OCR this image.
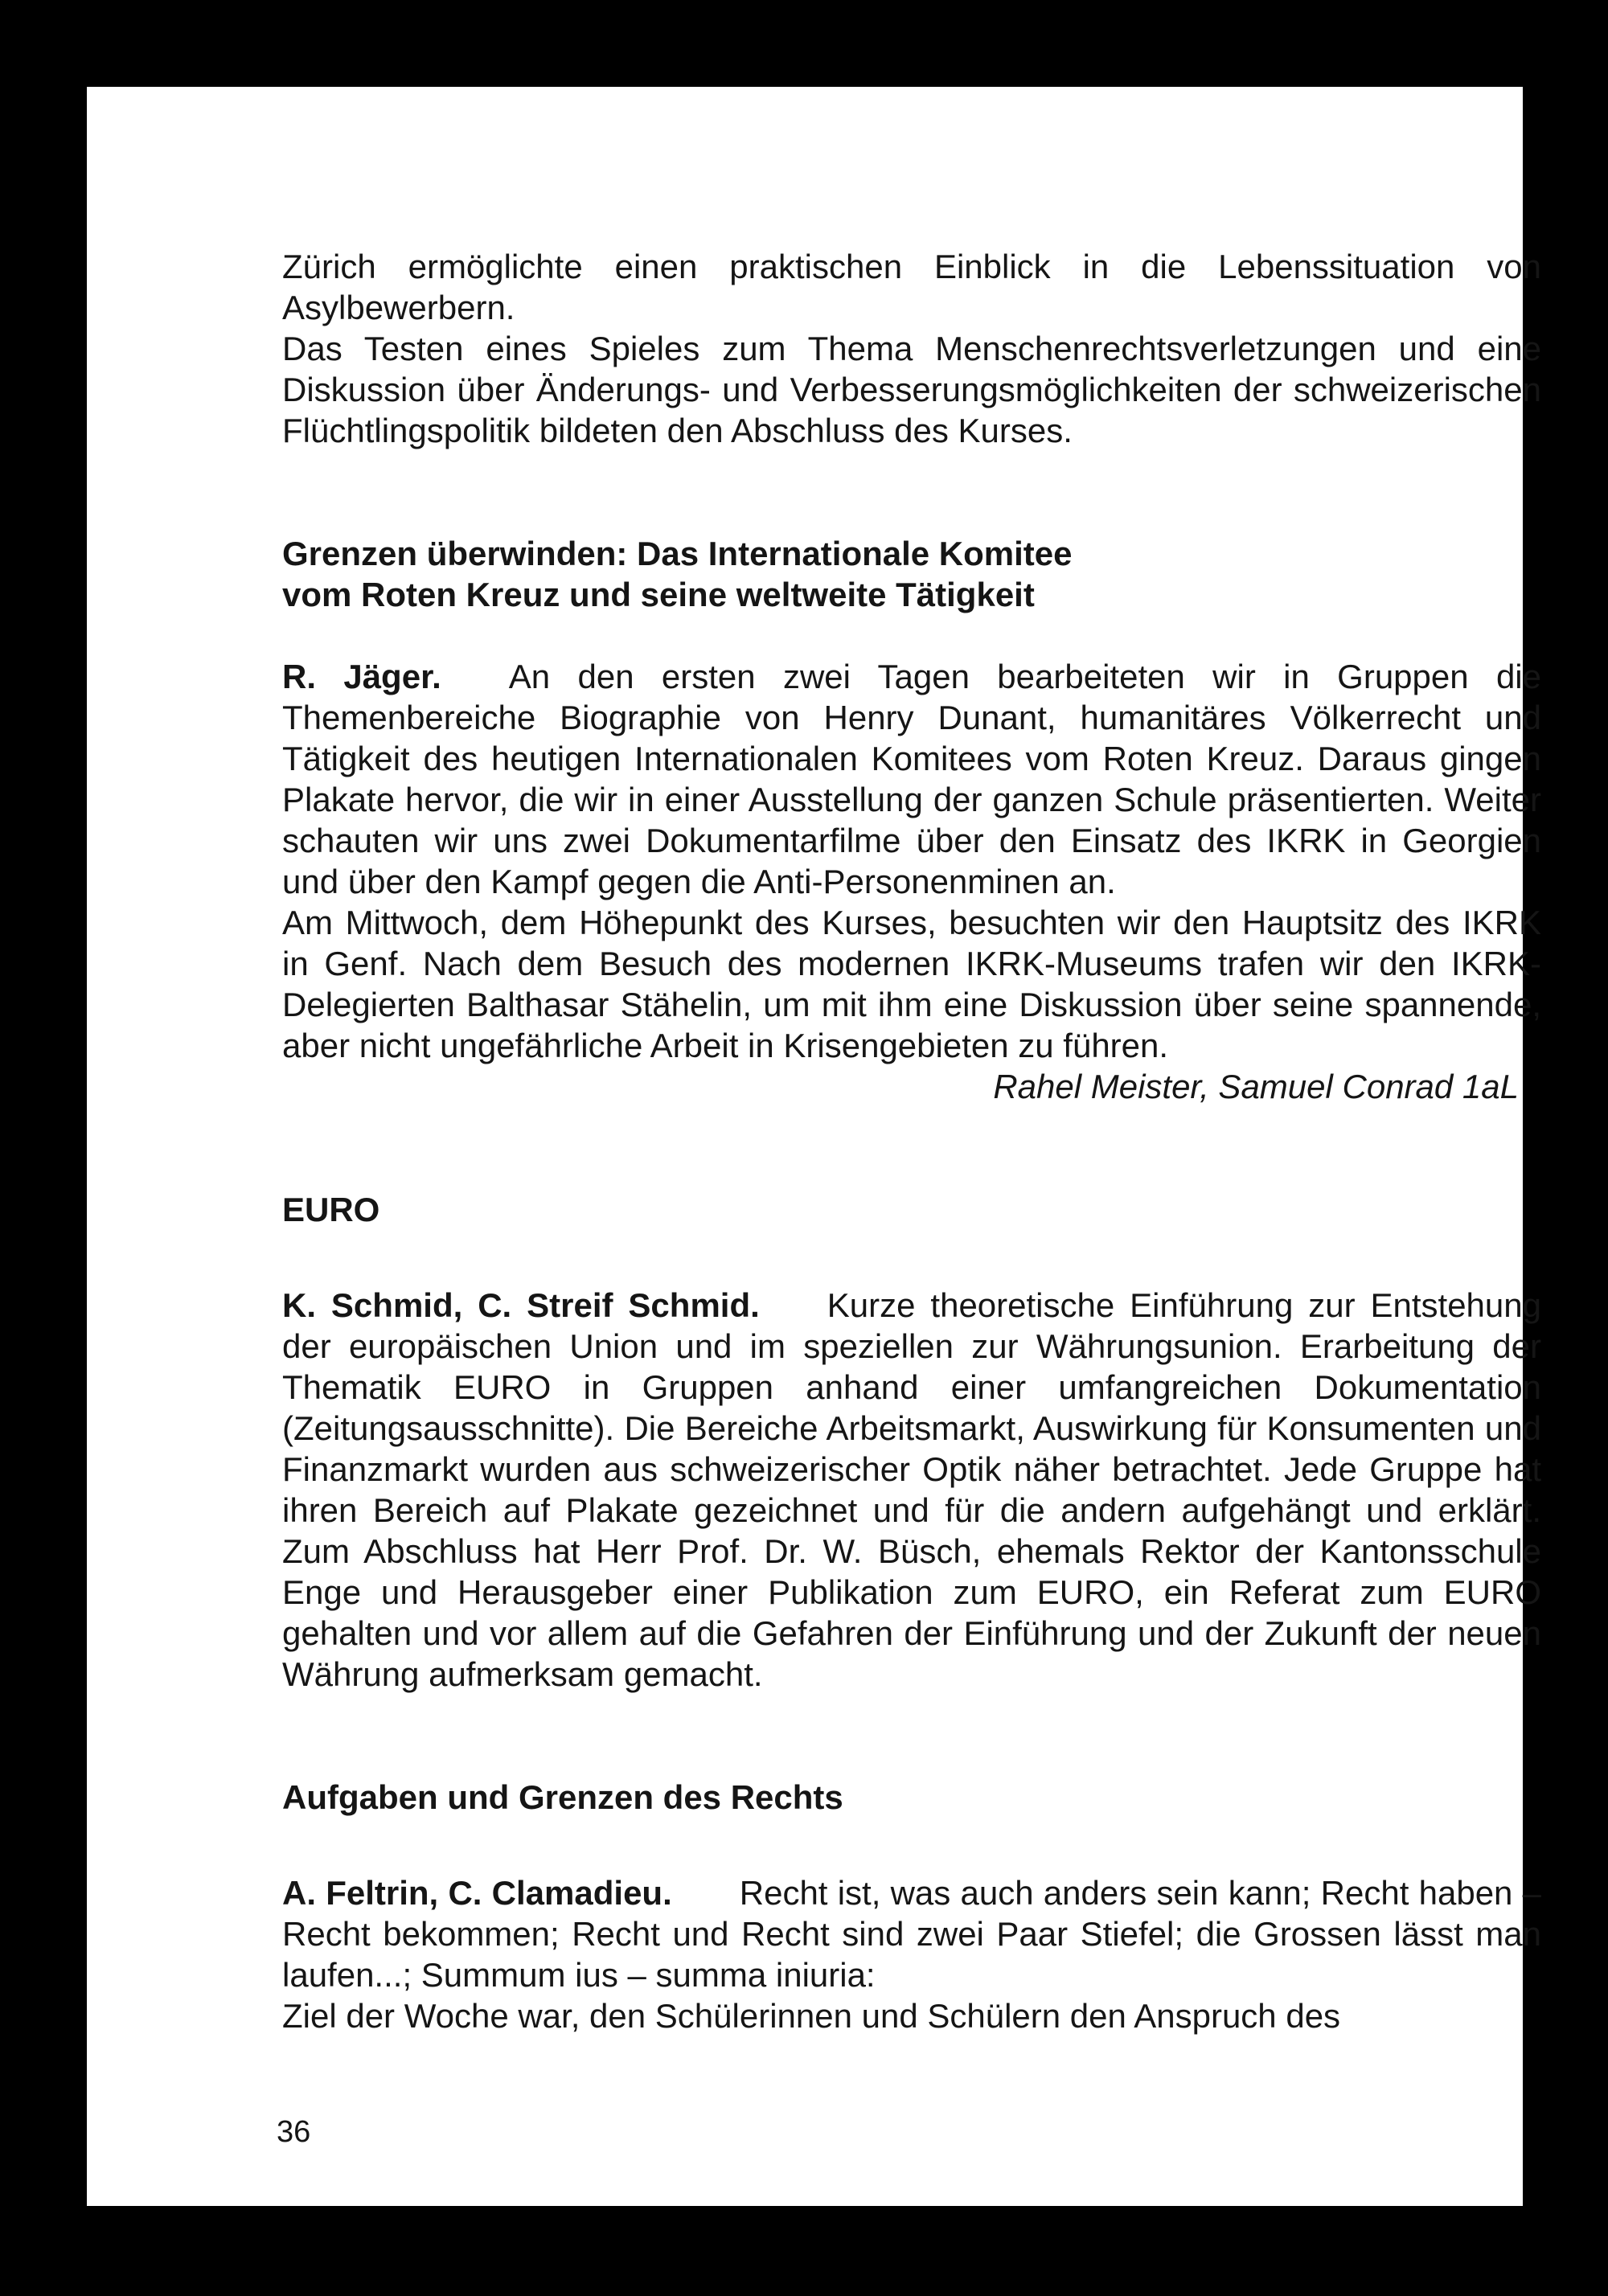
Zürich ermöglichte einen praktischen Einblick in die Lebenssituation von Asylbewerbern.

Das Testen eines Spieles zum Thema Menschenrechtsverletzungen und eine Diskussion über Änderungs- und Verbesserungsmöglichkeiten der schweizerischen Flüchtlingspolitik bildeten den Abschluss des Kurses.

Grenzen überwinden: Das Internationale Komitee
vom Roten Kreuz und seine weltweite Tätigkeit

R. Jäger. An den ersten zwei Tagen bearbeiteten wir in Gruppen die Themenbereiche Biographie von Henry Dunant, humanitäres Völkerrecht und Tätigkeit des heutigen Internationalen Komitees vom Roten Kreuz. Daraus gingen Plakate hervor, die wir in einer Ausstellung der ganzen Schule präsentierten. Weiter schauten wir uns zwei Dokumentarfilme über den Einsatz des IKRK in Georgien und über den Kampf gegen die Anti-Personenminen an.

Am Mittwoch, dem Höhepunkt des Kurses, besuchten wir den Hauptsitz des IKRK in Genf. Nach dem Besuch des modernen IKRK-Museums trafen wir den IKRK-Delegierten Balthasar Stähelin, um mit ihm eine Diskussion über seine spannende, aber nicht ungefährliche Arbeit in Krisengebieten zu führen.
Rahel Meister, Samuel Conrad 1aL

EURO

K. Schmid, C. Streif Schmid. Kurze theoretische Einführung zur Entstehung der europäischen Union und im speziellen zur Währungsunion. Erarbeitung der Thematik EURO in Gruppen anhand einer umfangreichen Dokumentation (Zeitungsausschnitte). Die Bereiche Arbeitsmarkt, Auswirkung für Konsumenten und Finanzmarkt wurden aus schweizerischer Optik näher betrachtet. Jede Gruppe hat ihren Bereich auf Plakate gezeichnet und für die andern aufgehängt und erklärt. Zum Abschluss hat Herr Prof. Dr. W. Büsch, ehemals Rektor der Kantonsschule Enge und Herausgeber einer Publikation zum EURO, ein Referat zum EURO gehalten und vor allem auf die Gefahren der Einführung und der Zukunft der neuen Währung aufmerksam gemacht.

Aufgaben und Grenzen des Rechts

A. Feltrin, C. Clamadieu. Recht ist, was auch anders sein kann; Recht haben – Recht bekommen; Recht und Recht sind zwei Paar Stiefel; die Grossen lässt man laufen...; Summum ius – summa iniuria:

Ziel der Woche war, den Schülerinnen und Schülern den Anspruch des

36
